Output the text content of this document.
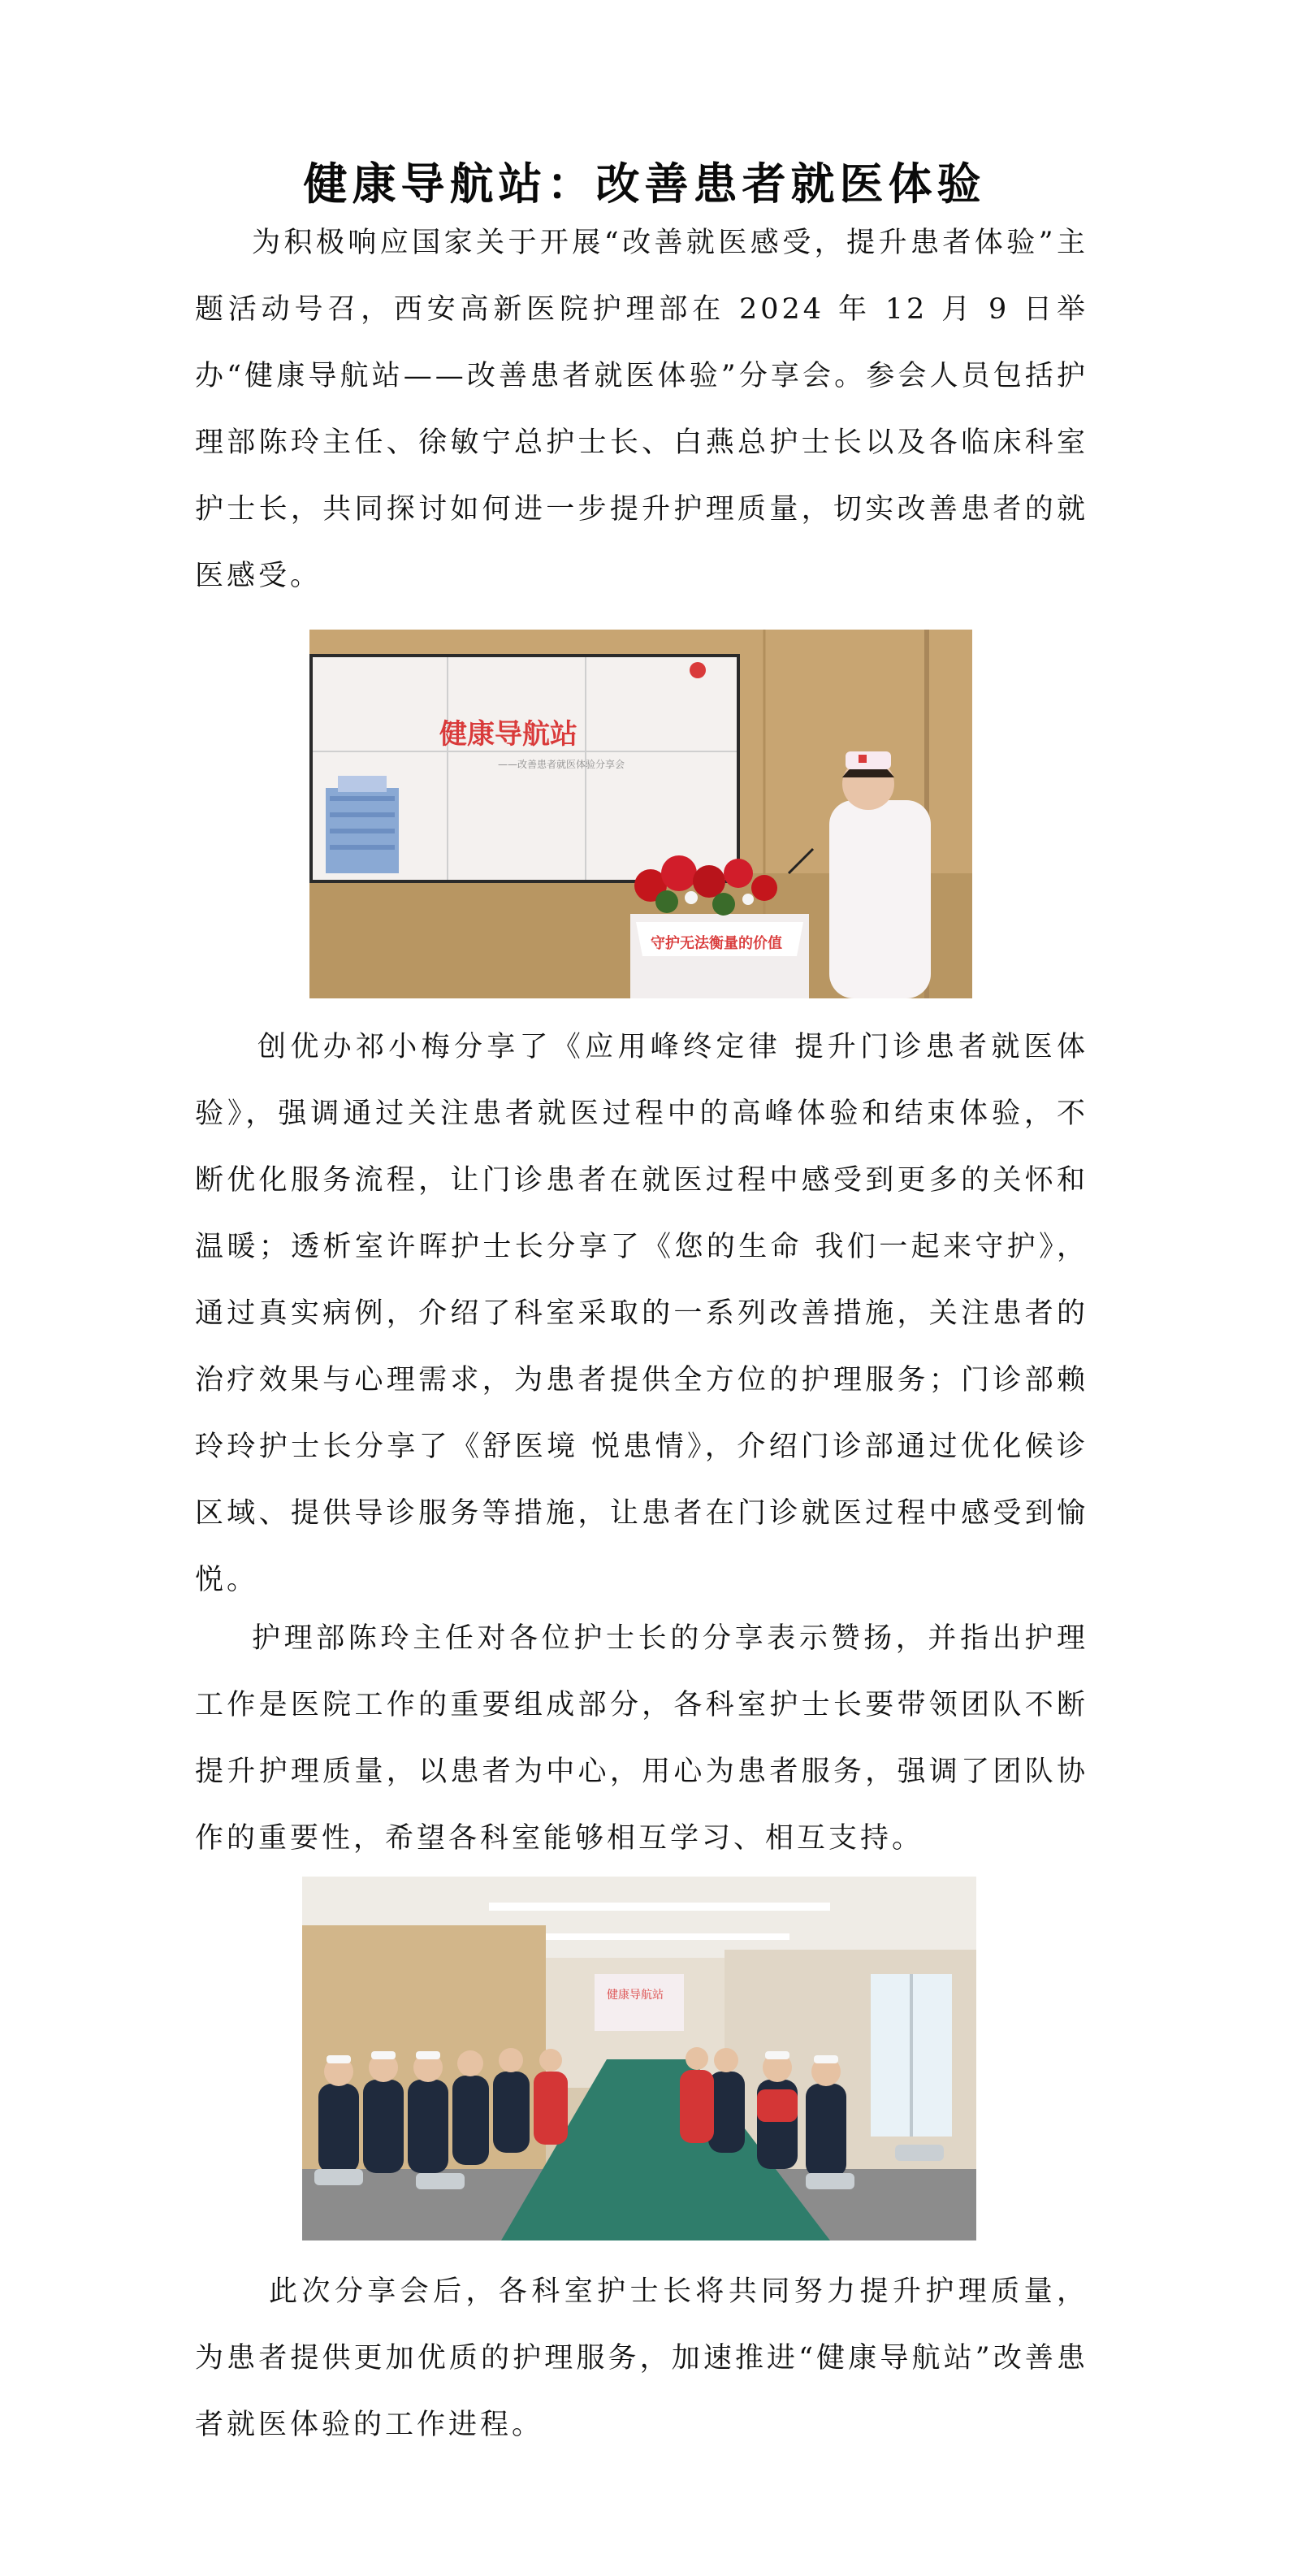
健康导航站：改善患者就医体验

为积极响应国家关于开展“改善就医感受，提升患者体验”主题活动号召，西安高新医院护理部在 2024 年 12 月 9 日举办“健康导航站——改善患者就医体验”分享会。参会人员包括护理部陈玲主任、徐敏宁总护士长、白燕总护士长以及各临床科室护士长，共同探讨如何进一步提升护理质量，切实改善患者的就医感受。

健康导航站
——改善患者就医体验分享会
守护无法衡量的价值

创优办祁小梅分享了《应用峰终定律 提升门诊患者就医体验》，强调通过关注患者就医过程中的高峰体验和结束体验，不断优化服务流程，让门诊患者在就医过程中感受到更多的关怀和温暖；透析室许晖护士长分享了《您的生命 我们一起来守护》，通过真实病例，介绍了科室采取的一系列改善措施，关注患者的治疗效果与心理需求，为患者提供全方位的护理服务；门诊部赖玲玲护士长分享了《舒医境 悦患情》，介绍门诊部通过优化候诊区域、提供导诊服务等措施，让患者在门诊就医过程中感受到愉悦。

护理部陈玲主任对各位护士长的分享表示赞扬，并指出护理工作是医院工作的重要组成部分，各科室护士长要带领团队不断提升护理质量，以患者为中心，用心为患者服务，强调了团队协作的重要性，希望各科室能够相互学习、相互支持。

健康导航站

此次分享会后，各科室护士长将共同努力提升护理质量，为患者提供更加优质的护理服务，加速推进“健康导航站”改善患者就医体验的工作进程。
